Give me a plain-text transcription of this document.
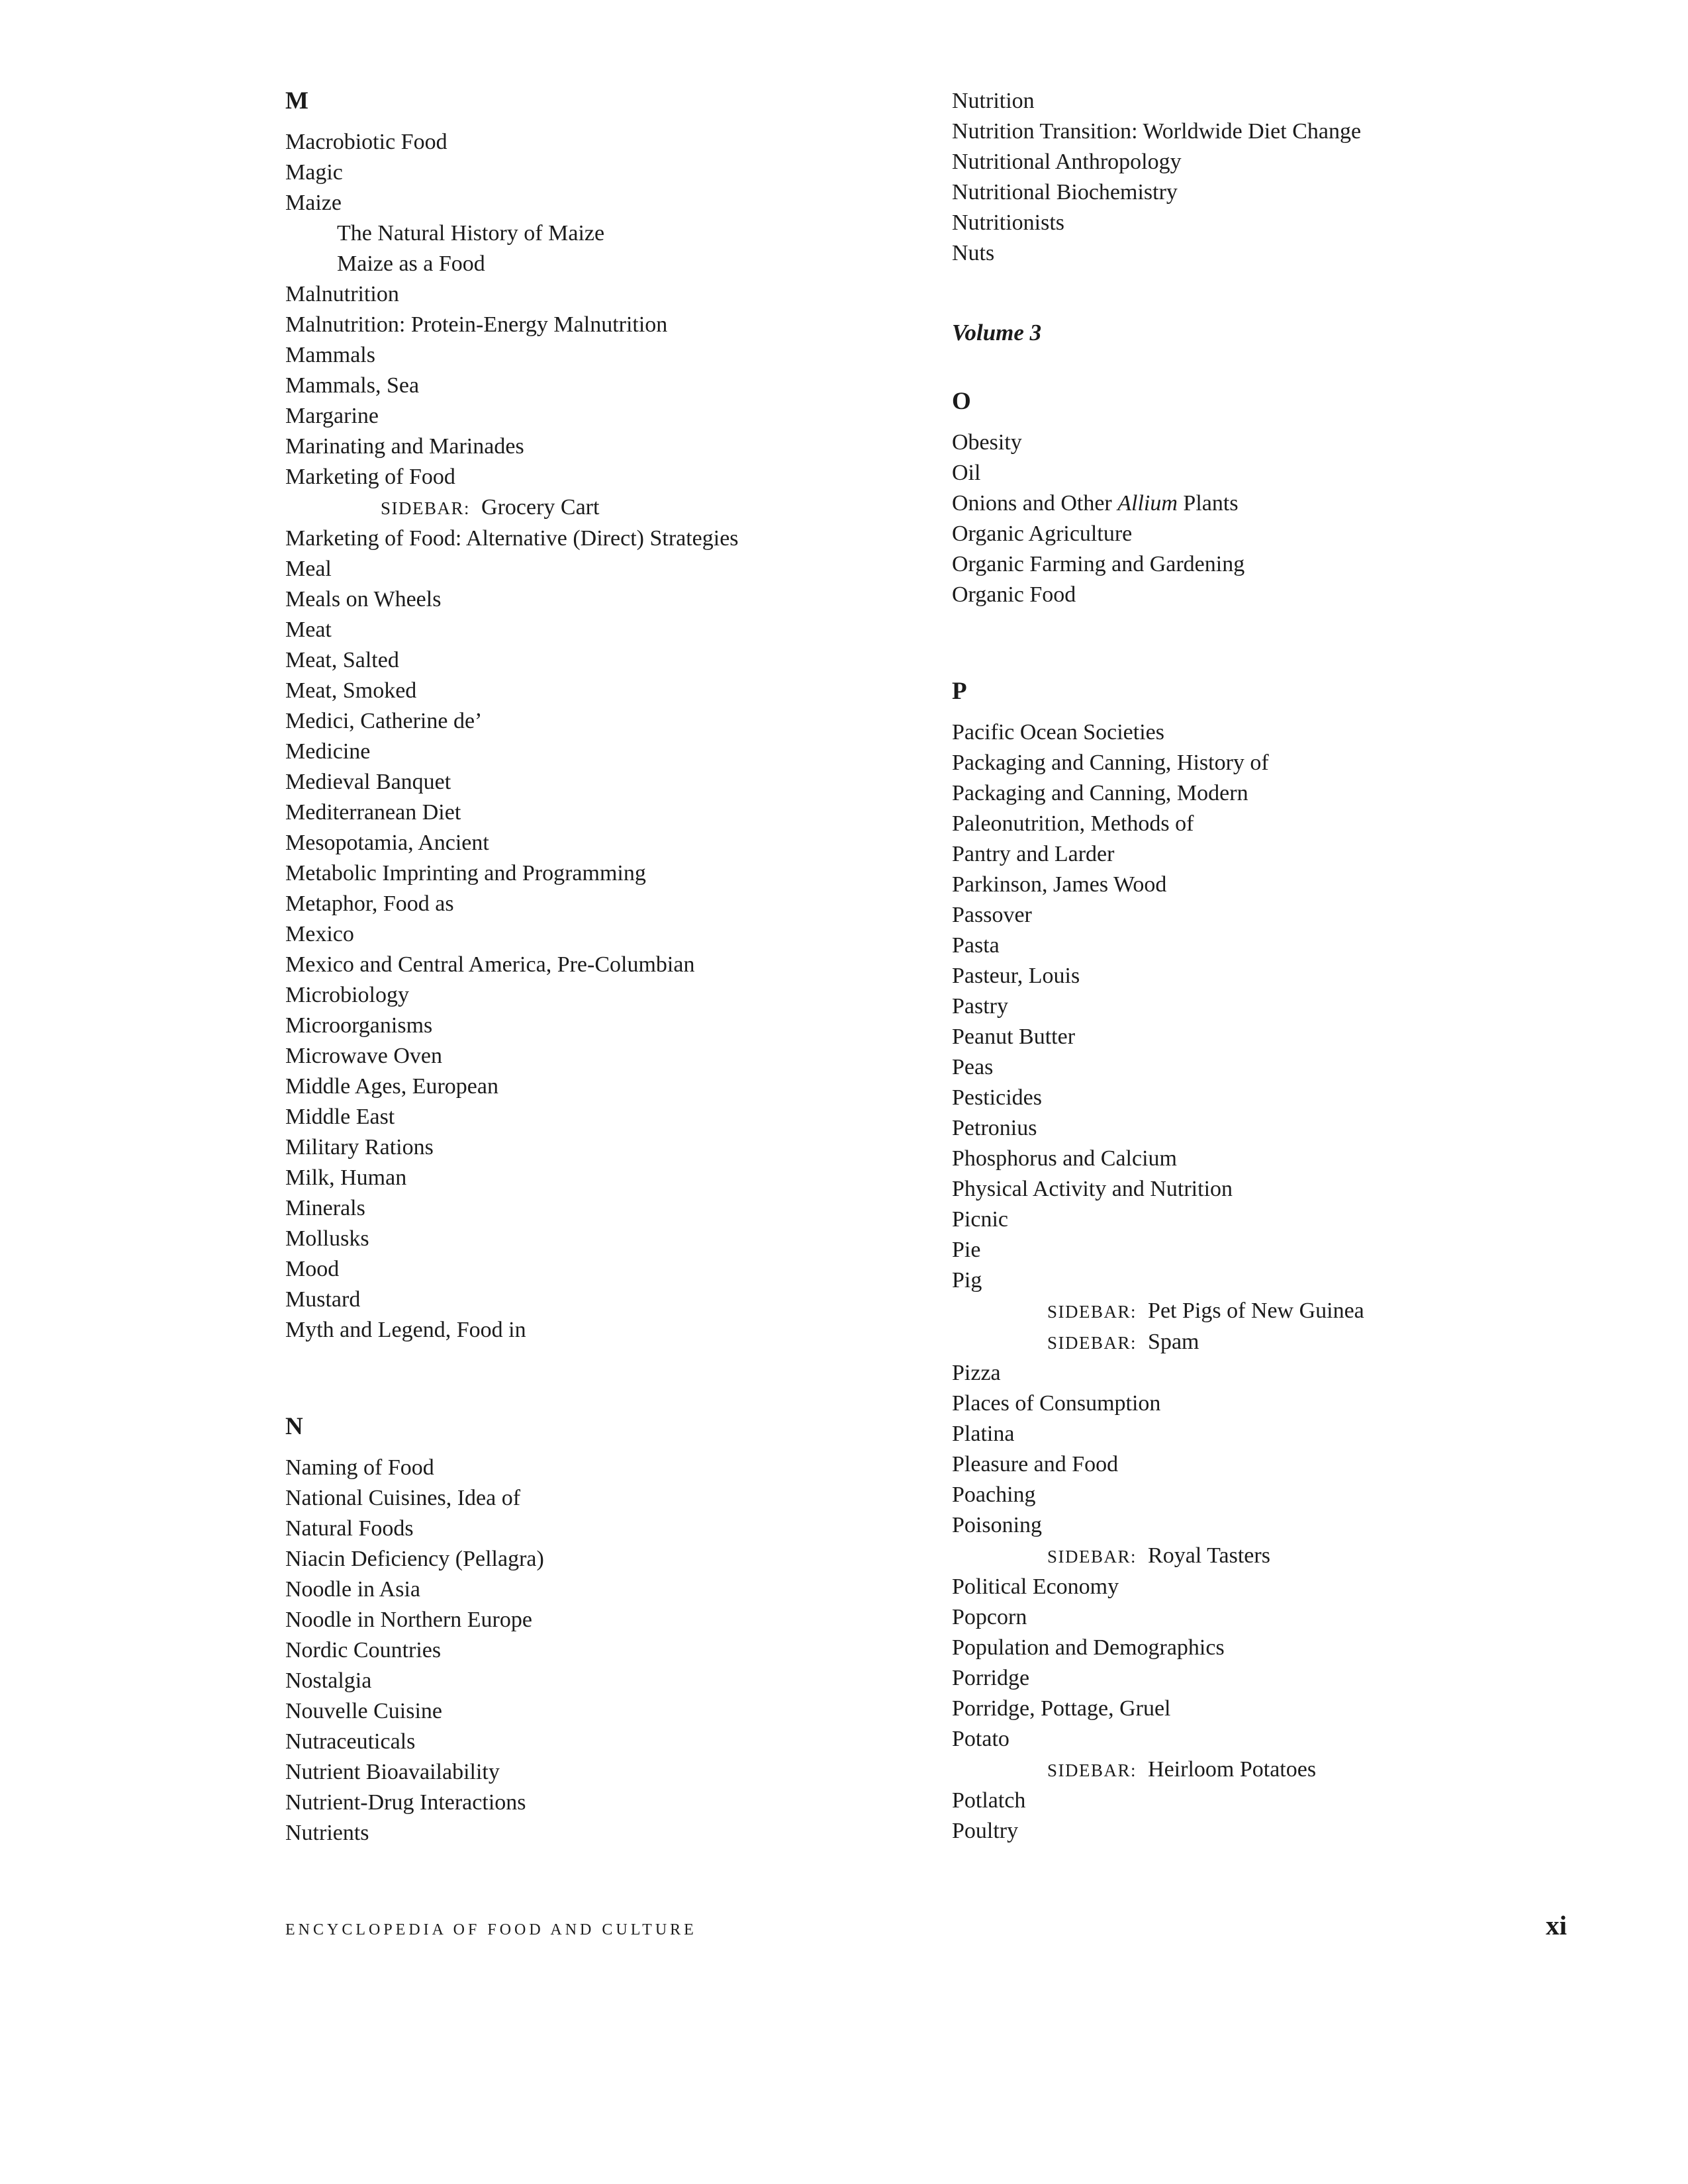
M
Macrobiotic Food
Magic
Maize
The Natural History of Maize
Maize as a Food
Malnutrition
Malnutrition: Protein-Energy Malnutrition
Mammals
Mammals, Sea
Margarine
Marinating and Marinades
Marketing of Food
SIDEBAR:  Grocery Cart
Marketing of Food: Alternative (Direct) Strategies
Meal
Meals on Wheels
Meat
Meat, Salted
Meat, Smoked
Medici, Catherine de’
Medicine
Medieval Banquet
Mediterranean Diet
Mesopotamia, Ancient
Metabolic Imprinting and Programming
Metaphor, Food as
Mexico
Mexico and Central America, Pre-Columbian
Microbiology
Microorganisms
Microwave Oven
Middle Ages, European
Middle East
Military Rations
Milk, Human
Minerals
Mollusks
Mood
Mustard
Myth and Legend, Food in
N
Naming of Food
National Cuisines, Idea of
Natural Foods
Niacin Deficiency (Pellagra)
Noodle in Asia
Noodle in Northern Europe
Nordic Countries
Nostalgia
Nouvelle Cuisine
Nutraceuticals
Nutrient Bioavailability
Nutrient-Drug Interactions
Nutrients
Nutrition
Nutrition Transition: Worldwide Diet Change
Nutritional Anthropology
Nutritional Biochemistry
Nutritionists
Nuts
Volume 3
O
Obesity
Oil
Onions and Other Allium Plants
Organic Agriculture
Organic Farming and Gardening
Organic Food
P
Pacific Ocean Societies
Packaging and Canning, History of
Packaging and Canning, Modern
Paleonutrition, Methods of
Pantry and Larder
Parkinson, James Wood
Passover
Pasta
Pasteur, Louis
Pastry
Peanut Butter
Peas
Pesticides
Petronius
Phosphorus and Calcium
Physical Activity and Nutrition
Picnic
Pie
Pig
SIDEBAR:  Pet Pigs of New Guinea
SIDEBAR:  Spam
Pizza
Places of Consumption
Platina
Pleasure and Food
Poaching
Poisoning
SIDEBAR:  Royal Tasters
Political Economy
Popcorn
Population and Demographics
Porridge
Porridge, Pottage, Gruel
Potato
SIDEBAR:  Heirloom Potatoes
Potlatch
Poultry
ENCYCLOPEDIA OF FOOD AND CULTURE	xi
